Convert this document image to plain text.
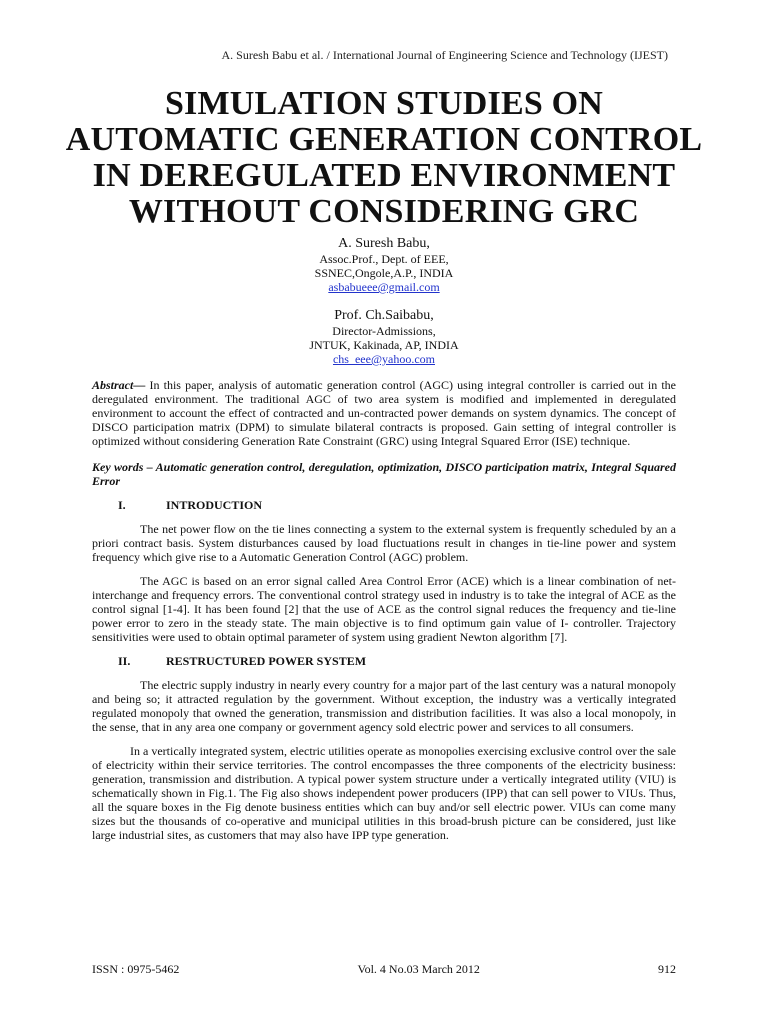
A. Suresh Babu et al. / International Journal of Engineering Science and Technology (IJEST)
SIMULATION STUDIES ON
AUTOMATIC GENERATION CONTROL
IN DEREGULATED ENVIRONMENT
WITHOUT CONSIDERING GRC
A. Suresh Babu,
Assoc.Prof., Dept. of EEE,
SSNEC,Ongole,A.P., INDIA
asbabueee@gmail.com
Prof. Ch.Saibabu,
Director-Admissions,
JNTUK, Kakinada, AP, INDIA
chs_eee@yahoo.com

Abstract— In this paper, analysis of automatic generation control (AGC) using integral controller is carried out in the deregulated environment. The traditional AGC of two area system is modified and implemented in deregulated environment to account the effect of contracted and un-contracted power demands on system dynamics. The concept of DISCO participation matrix (DPM) to simulate bilateral contracts is proposed. Gain setting of integral controller is optimized without considering Generation Rate Constraint (GRC) using Integral Squared Error (ISE) technique.

Key words – Automatic generation control, deregulation, optimization, DISCO participation matrix, Integral Squared Error

I.	INTRODUCTION

The net power flow on the tie lines connecting a system to the external system is frequently scheduled by an a priori contract basis. System disturbances caused by load fluctuations result in changes in tie-line power and system frequency which give rise to a Automatic Generation Control (AGC) problem.

The AGC is based on an error signal called Area Control Error (ACE) which is a linear combination of net-interchange and frequency errors. The conventional control strategy used in industry is to take the integral of ACE as the control signal [1-4]. It has been found [2] that the use of ACE as the control signal reduces the frequency and tie-line power error to zero in the steady state. The main objective is to find optimum gain value of I- controller. Trajectory sensitivities were used to obtain optimal parameter of system using gradient Newton algorithm [7].

II.	RESTRUCTURED POWER SYSTEM

The electric supply industry in nearly every country for a major part of the last century was a natural monopoly and being so; it attracted regulation by the government. Without exception, the industry was a vertically integrated regulated monopoly that owned the generation, transmission and distribution facilities. It was also a local monopoly, in the sense, that in any area one company or government agency sold electric power and services to all consumers.

In a vertically integrated system, electric utilities operate as monopolies exercising exclusive control over the sale of electricity within their service territories. The control encompasses the three components of the electricity business: generation, transmission and distribution. A typical power system structure under a vertically integrated utility (VIU) is schematically shown in Fig.1. The Fig also shows independent power producers (IPP) that can sell power to VIUs. Thus, all the square boxes in the Fig denote business entities which can buy and/or sell electric power. VIUs can come many sizes but the thousands of co-operative and municipal utilities in this broad-brush picture can be considered, just like large industrial sites, as customers that may also have IPP type generation.

ISSN : 0975-5462	Vol. 4 No.03 March 2012	912
